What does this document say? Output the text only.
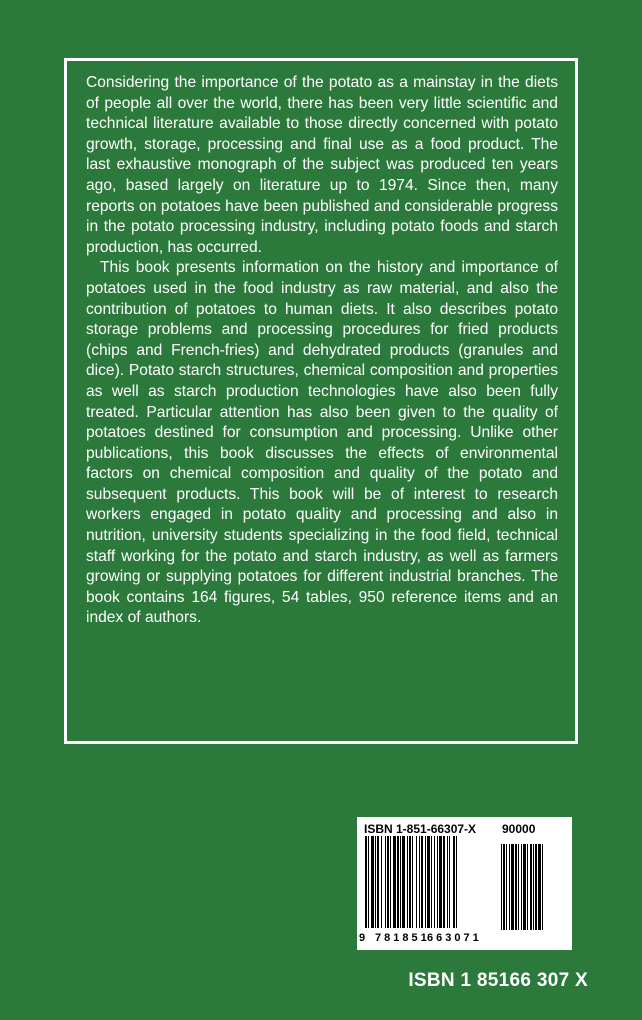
Considering the importance of the potato as a mainstay in the diets of people all over the world, there has been very little scientific and technical literature available to those directly concerned with potato growth, storage, processing and final use as a food product. The last exhaustive monograph of the subject was produced ten years ago, based largely on literature up to 1974. Since then, many reports on potatoes have been published and considerable progress in the potato processing industry, including potato foods and starch production, has occurred.

This book presents information on the history and importance of potatoes used in the food industry as raw material, and also the contribution of potatoes to human diets. It also describes potato storage problems and processing procedures for fried products (chips and French-fries) and dehydrated products (granules and dice). Potato starch structures, chemical composition and properties as well as starch production technologies have also been fully treated. Particular attention has also been given to the quality of potatoes destined for consumption and processing. Unlike other publications, this book discusses the effects of environmental factors on chemical composition and quality of the potato and subsequent products. This book will be of interest to research workers engaged in potato quality and processing and also in nutrition, university students specializing in the food field, technical staff working for the potato and starch industry, as well as farmers growing or supplying potatoes for different industrial branches. The book contains 164 figures, 54 tables, 950 reference items and an index of authors.

ISBN 1-851-66307-X 90000
9 781851
663071
ISBN 1 85166 307 X
